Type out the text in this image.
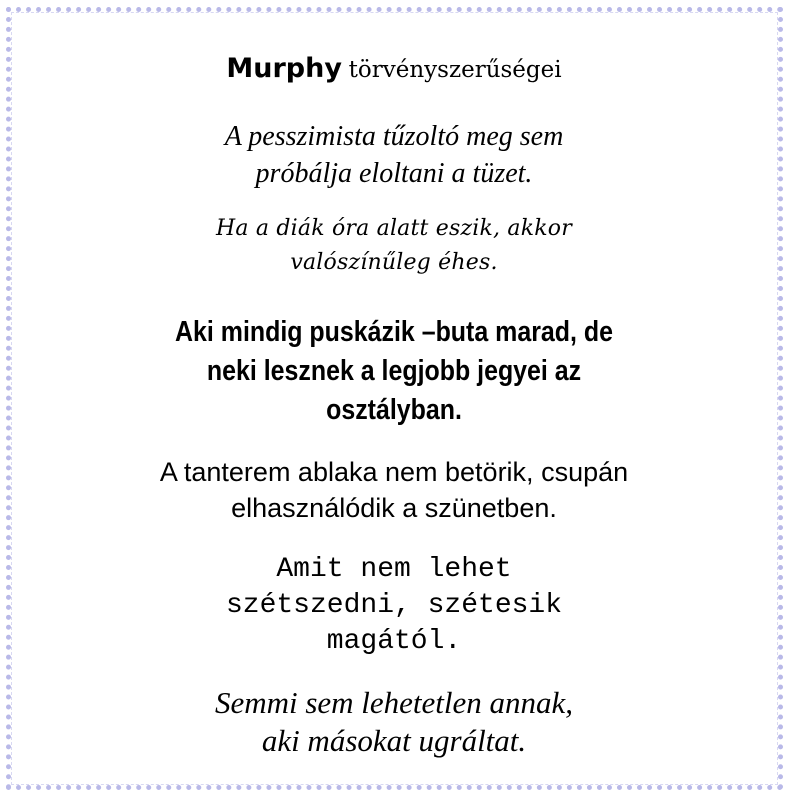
Murphy törvényszerűségei
A pesszimista tűzoltó meg sem
próbálja eloltani a tüzet.
Ha a diák óra alatt eszik, akkor
valószínűleg éhes.
Aki mindig puskázik –buta marad, de
neki lesznek a legjobb jegyei az
osztályban.
A tanterem ablaka nem betörik, csupán
elhasználódik a szünetben.
Amit nem lehet
szétszedni, szétesik
magától.
Semmi sem lehetetlen annak,
aki másokat ugráltat.
